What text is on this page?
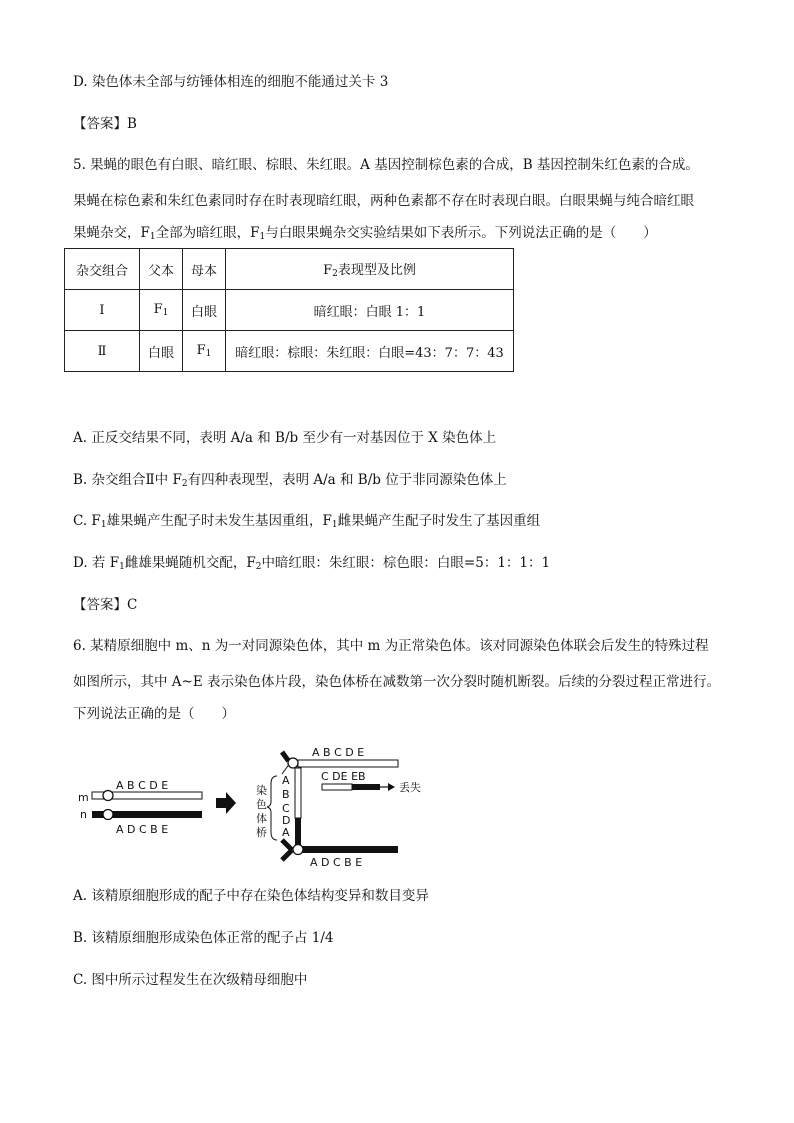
D. 染色体未全部与纺锤体相连的细胞不能通过关卡 3
【答案】B
5. 果蝇的眼色有白眼、暗红眼、棕眼、朱红眼。A 基因控制棕色素的合成，B 基因控制朱红色素的合成。
果蝇在棕色素和朱红色素同时存在时表现暗红眼，两种色素都不存在时表现白眼。白眼果蝇与纯合暗红眼
果蝇杂交，$F_1$全部为暗红眼，$F_1$与白眼果蝇杂交实验结果如下表所示。下列说法正确的是（　　）
杂交组合	父本	母本	$F_2$表现型及比例
Ⅰ	$F_1$	白眼	暗红眼：白眼 1：1
Ⅱ	白眼	$F_1$	暗红眼：棕眼：朱红眼：白眼=43：7：7：43
A. 正反交结果不同，表明 A/a 和 B/b 至少有一对基因位于 X 染色体上
B. 杂交组合Ⅱ中 $F_2$有四种表现型，表明 A/a 和 B/b 位于非同源染色体上
C. $F_1$雄果蝇产生配子时未发生基因重组，$F_1$雌果蝇产生配子时发生了基因重组
D. 若 $F_1$雌雄果蝇随机交配，$F_2$中暗红眼：朱红眼：棕色眼：白眼=5：1：1：1
【答案】C
6. 某精原细胞中 m、n 为一对同源染色体，其中 m 为正常染色体。该对同源染色体联会后发生的特殊过程
如图所示，其中 A~E 表示染色体片段，染色体桥在减数第一次分裂时随机断裂。后续的分裂过程正常进行。
下列说法正确的是（　　）
A B C D E
m
n
A D C B E
A B C D E
A
B
C
D
A
染
色
体
桥
C DE EB
丢失
A D C B E
A. 该精原细胞形成的配子中存在染色体结构变异和数目变异
B. 该精原细胞形成染色体正常的配子占 1/4
C. 图中所示过程发生在次级精母细胞中
